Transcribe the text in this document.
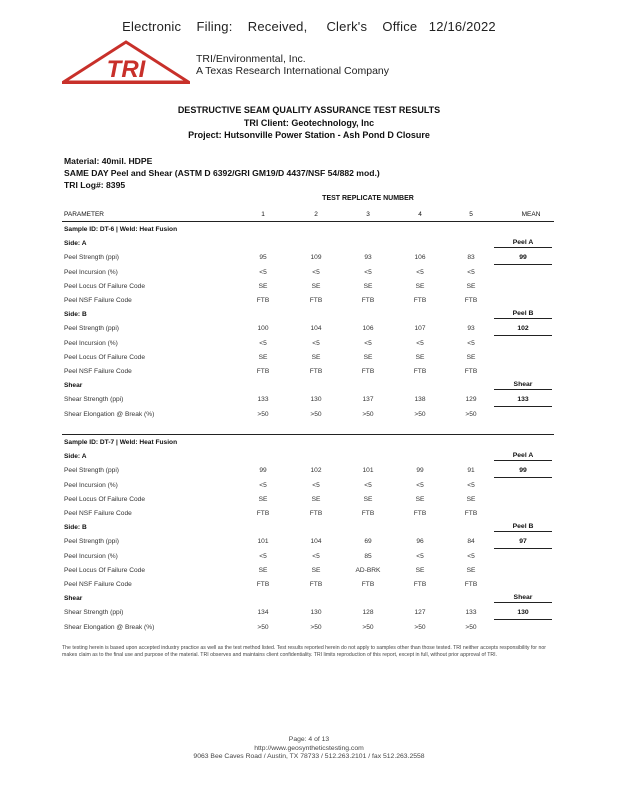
Electronic    Filing:    Received,     Clerk's    Office   12/16/2022
TRI	TRI/Environmental, Inc.
A Texas Research International Company
DESTRUCTIVE SEAM QUALITY ASSURANCE TEST RESULTS
TRI Client: Geotechnology, Inc
Project: Hutsonville Power Station - Ash Pond D Closure
Material: 40mil. HDPE
SAME DAY Peel and Shear (ASTM D 6392/GRI GM19/D 4437/NSF 54/882 mod.)
TRI Log#: 8395
TEST REPLICATE NUMBER
PARAMETER	1	2	3	4	5	MEAN
Sample ID: DT-6 | Weld: Heat Fusion
Side: A	Peel A
Peel Strength (ppi)	95	109	93	106	83	99
Peel Incursion (%)	<5	<5	<5	<5	<5
Peel Locus Of Failure Code	SE	SE	SE	SE	SE
Peel NSF Failure Code	FTB	FTB	FTB	FTB	FTB
Side: B	Peel B
Peel Strength (ppi)	100	104	106	107	93	102
Peel Incursion (%)	<5	<5	<5	<5	<5
Peel Locus Of Failure Code	SE	SE	SE	SE	SE
Peel NSF Failure Code	FTB	FTB	FTB	FTB	FTB
Shear	Shear
Shear Strength (ppi)	133	130	137	138	129	133
Shear Elongation @ Break (%)	>50	>50	>50	>50	>50
Sample ID: DT-7 | Weld: Heat Fusion
Side: A	Peel A
Peel Strength (ppi)	99	102	101	99	91	99
Peel Incursion (%)	<5	<5	<5	<5	<5
Peel Locus Of Failure Code	SE	SE	SE	SE	SE
Peel NSF Failure Code	FTB	FTB	FTB	FTB	FTB
Side: B	Peel B
Peel Strength (ppi)	101	104	69	96	84	97
Peel Incursion (%)	<5	<5	85	<5	<5
Peel Locus Of Failure Code	SE	SE	AD-BRK	SE	SE
Peel NSF Failure Code	FTB	FTB	FTB	FTB	FTB
Shear	Shear
Shear Strength (ppi)	134	130	128	127	133	130
Shear Elongation @ Break (%)	>50	>50	>50	>50	>50
The testing herein is based upon accepted industry practice as well as the test method listed. Test results reported herein do not apply to samples other than those tested. TRI neither accepts responsibility for nor makes claim as to the final use and purpose of the material. TRI observes and maintains client confidentiality. TRI limits reproduction of this report, except in full, without prior approval of TRI.
Page: 4 of 13
http://www.geosyntheticstesting.com
9063 Bee Caves Road / Austin, TX 78733 / 512.263.2101 / fax 512.263.2558
